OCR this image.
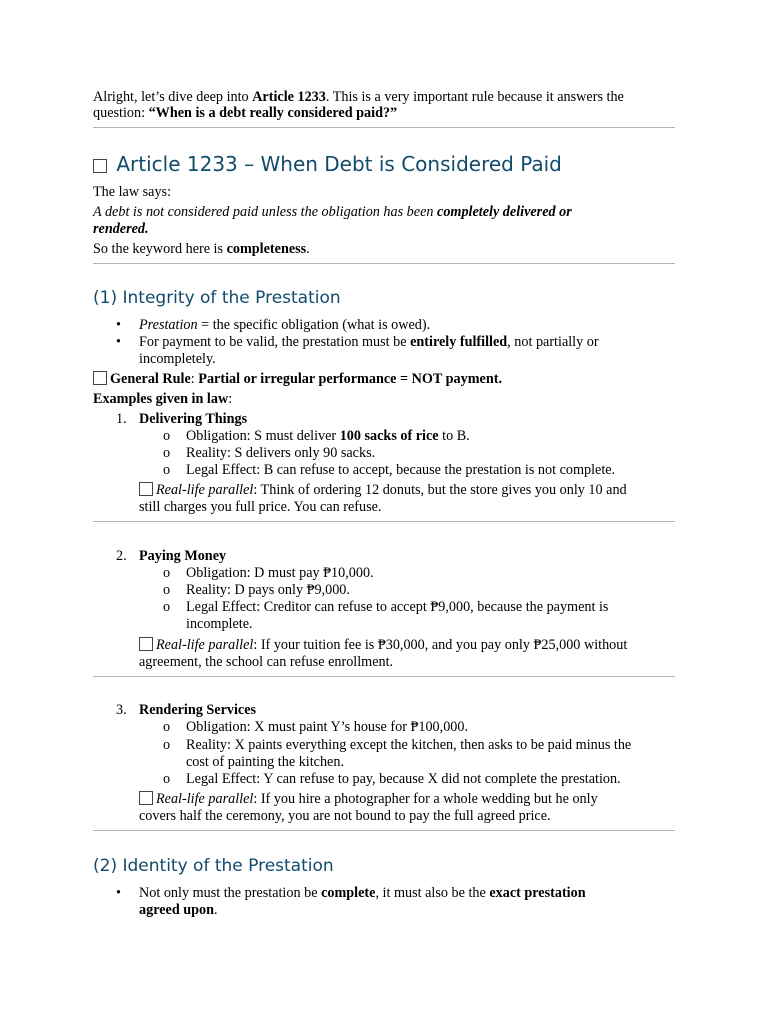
Alright, let’s dive deep into Article 1233. This is a very important rule because it answers the
question: “When is a debt really considered paid?”
Article 1233 – When Debt is Considered Paid
The law says:
A debt is not considered paid unless the obligation has been completely delivered or
rendered.
So the keyword here is completeness.
(1) Integrity of the Prestation
• Prestation = the specific obligation (what is owed).
• For payment to be valid, the prestation must be entirely fulfilled, not partially or
incompletely.
General Rule: Partial or irregular performance = NOT payment.
Examples given in law:
1. Delivering Things
o Obligation: S must deliver 100 sacks of rice to B.
o Reality: S delivers only 90 sacks.
o Legal Effect: B can refuse to accept, because the prestation is not complete.
Real-life parallel: Think of ordering 12 donuts, but the store gives you only 10 and
still charges you full price. You can refuse.
2. Paying Money
o Obligation: D must pay ₱10,000.
o Reality: D pays only ₱9,000.
o Legal Effect: Creditor can refuse to accept ₱9,000, because the payment is
incomplete.
Real-life parallel: If your tuition fee is ₱30,000, and you pay only ₱25,000 without
agreement, the school can refuse enrollment.
3. Rendering Services
o Obligation: X must paint Y’s house for ₱100,000.
o Reality: X paints everything except the kitchen, then asks to be paid minus the
cost of painting the kitchen.
o Legal Effect: Y can refuse to pay, because X did not complete the prestation.
Real-life parallel: If you hire a photographer for a whole wedding but he only
covers half the ceremony, you are not bound to pay the full agreed price.
(2) Identity of the Prestation
• Not only must the prestation be complete, it must also be the exact prestation
agreed upon.
